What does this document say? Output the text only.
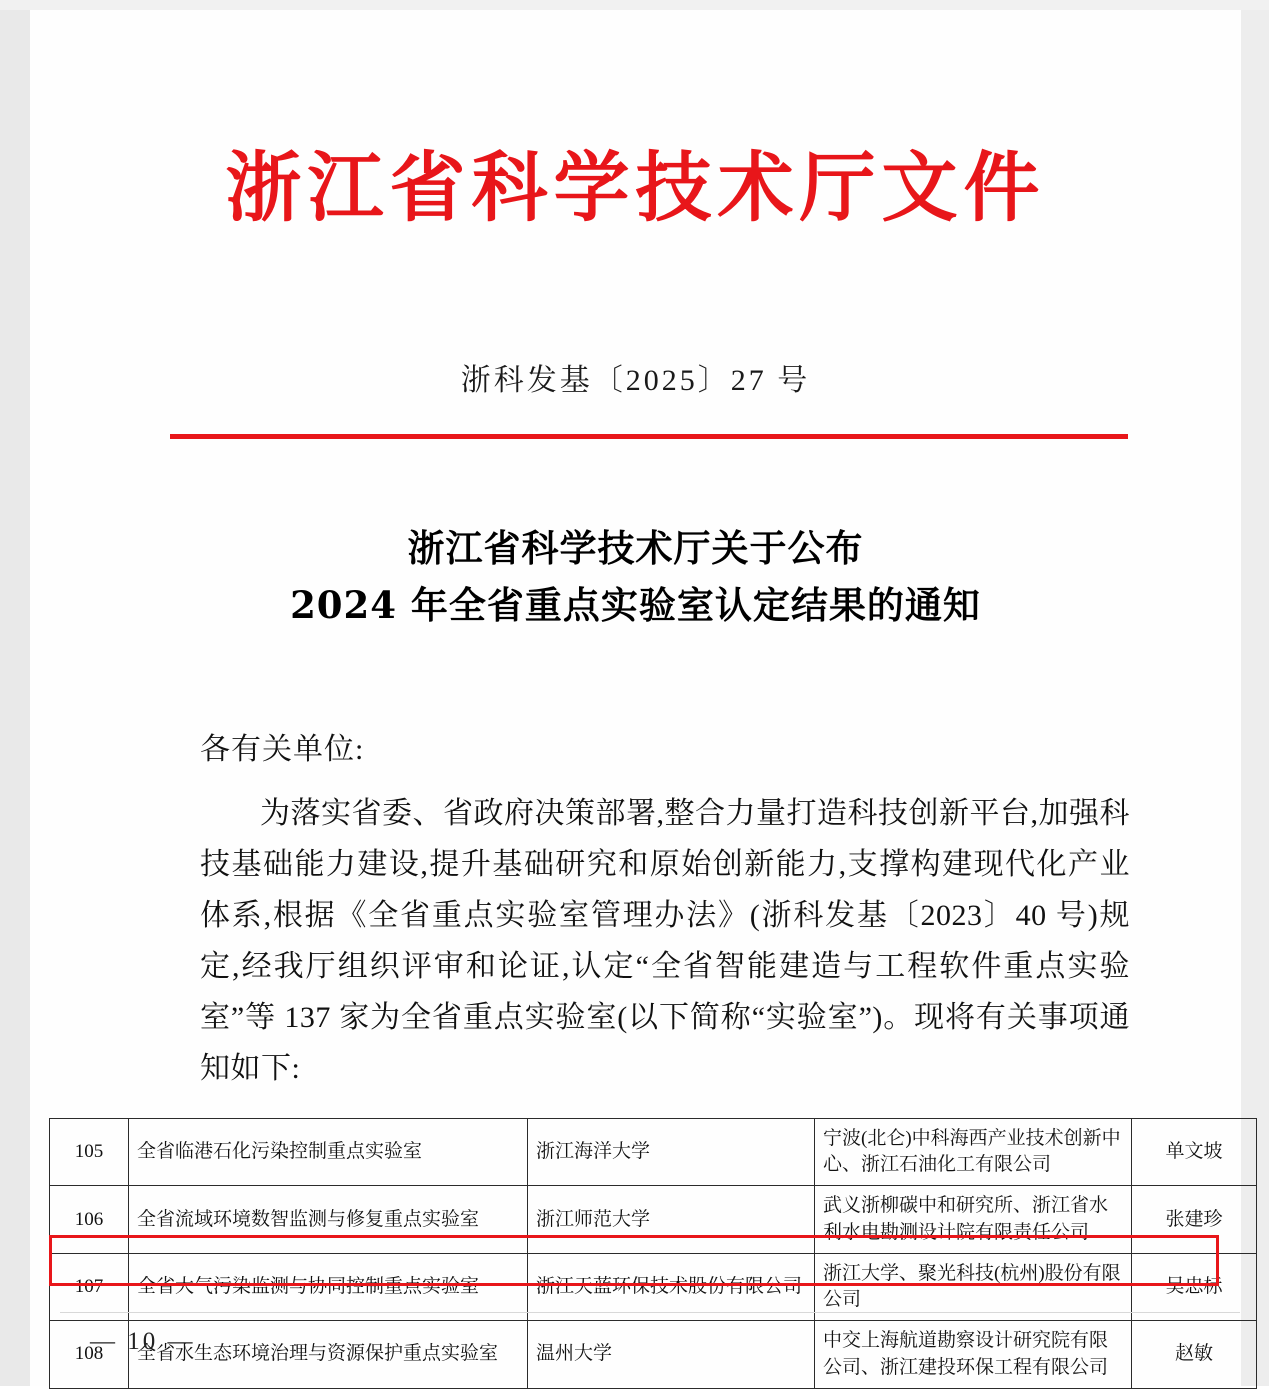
浙江省科学技术厅文件
浙科发基〔2025〕27 号
浙江省科学技术厅关于公布
2024 年全省重点实验室认定结果的通知
各有关单位:

为落实省委、省政府决策部署,整合力量打造科技创新平台,加强科技基础能力建设,提升基础研究和原始创新能力,支撑构建现代化产业体系,根据《全省重点实验室管理办法》(浙科发基〔2023〕40 号)规定,经我厅组织评审和论证,认定“全省智能建造与工程软件重点实验室”等 137 家为全省重点实验室(以下简称“实验室”)。现将有关事项通知如下:

105	全省临港石化污染控制重点实验室	浙江海洋大学	宁波(北仑)中科海西产业技术创新中心、浙江石油化工有限公司	单文坡
106	全省流域环境数智监测与修复重点实验室	浙江师范大学	武义浙柳碳中和研究所、浙江省水利水电勘测设计院有限责任公司	张建珍
107	全省大气污染监测与协同控制重点实验室	浙江天蓝环保技术股份有限公司	浙江大学、聚光科技(杭州)股份有限公司	吴忠标
108	全省水生态环境治理与资源保护重点实验室	温州大学	中交上海航道勘察设计研究院有限公司、浙江建投环保工程有限公司	赵敏
— 10 —
